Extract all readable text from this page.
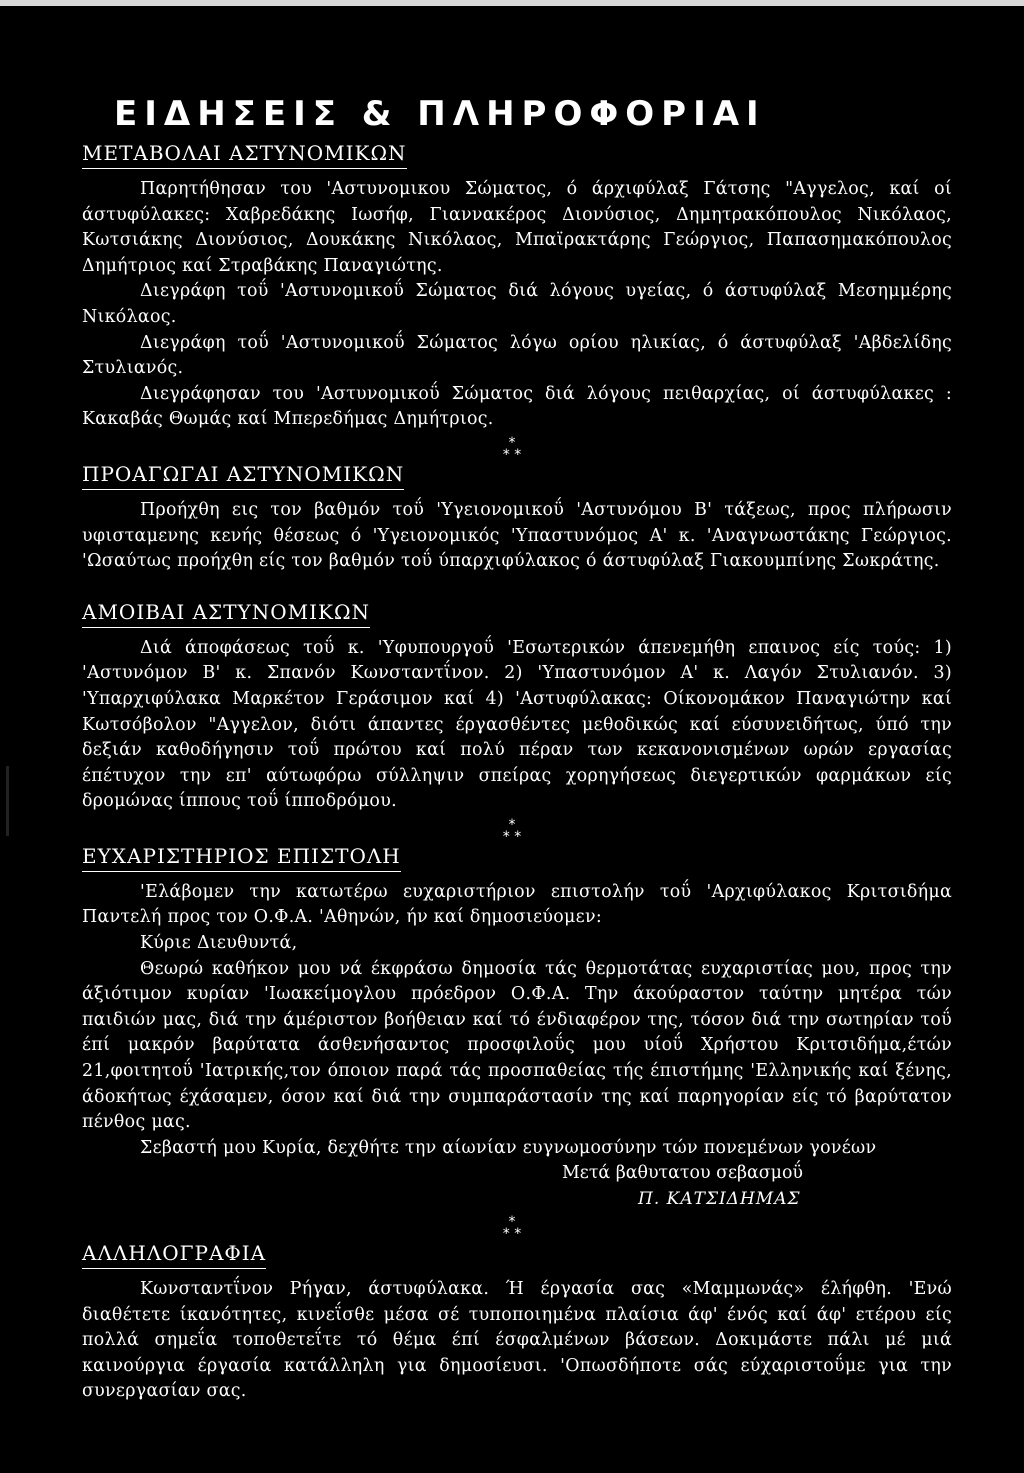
ΕΙΔΗΣΕΙΣ & ΠΛΗΡΟΦΟΡΙΑΙ
ΜΕΤΑΒΟΛΑΙ ΑΣΤΥΝΟΜΙΚΩΝ

Παρητήθησαν του 'Αστυνομικου Σώματος, ό άρχιφύλαξ Γάτσης "Αγγελος, καί οί άστυφύλακες: Χαβρεδάκης Ιωσήφ, Γιαννακέρος Διονύσιος, Δημητρακόπουλος Νικόλαος, Κωτσιάκης Διονύσιος, Δουκάκης Νικόλαος, Μπαϊρακτάρης Γεώργιος, Παπασημακόπουλος Δημήτριος καί Στραβάκης Παναγιώτης.

Διεγράφη τοΰ 'Αστυνομικοΰ Σώματος διά λόγους υγείας, ό άστυφύλαξ Μεσημμέρης Νικόλαος.

Διεγράφη τοΰ 'Αστυνομικοΰ Σώματος λόγω ορίου ηλικίας, ό άστυφύλαξ 'Αβδελίδης Στυλιανός.

Διεγράφησαν του 'Αστυνομικοΰ Σώματος διά λόγους πειθαρχίας, οί άστυφύλακες : Κακαβάς Θωμάς καί Μπερεδήμας Δημήτριος.

*
* *
ΠΡΟΑΓΩΓΑΙ ΑΣΤΥΝΟΜΙΚΩΝ

Προήχθη εις τον βαθμόν τοΰ 'Υγειονομικοΰ 'Αστυνόμου Β' τάξεως, προς πλήρωσιν υφισταμενης κενής θέσεως ό 'Υγειονομικός 'Υπαστυνόμος Α' κ. 'Αναγνωστάκης Γεώργιος. 'Ωσαύτως προήχθη είς τον βαθμόν τοΰ ύπαρχιφύλακος ό άστυφύλαξ Γιακουμπίνης Σωκράτης.

ΑΜΟΙΒΑΙ ΑΣΤΥΝΟΜΙΚΩΝ

Διά άποφάσεως τοΰ κ. 'Υφυπουργοΰ 'Εσωτερικών άπενεμήθη επαινος είς τούς: 1) 'Αστυνόμον Β' κ. Σπανόν Κωνσταντΐνον. 2) 'Υπαστυνόμον Α' κ. Λαγόν Στυλιανόν. 3) 'Υπαρχιφύλακα Μαρκέτον Γεράσιμον καί 4) 'Αστυφύλακας: Οίκονομάκον Παναγιώτην καί Κωτσόβολον "Αγγελον, διότι άπαντες έργασθέντες μεθοδικώς καί εύσυνειδήτως, ύπό την δεξιάν καθοδήγησιν τοΰ πρώτου καί πολύ πέραν των κεκανονισμένων ωρών εργασίας έπέτυχον την επ' αύτωφόρω σύλληψιν σπείρας χορηγήσεως διεγερτικών φαρμάκων είς δρομώνας ίππους τοΰ ίπποδρόμου.

*
* *
ΕΥΧΑΡΙΣΤΗΡΙΟΣ ΕΠΙΣΤΟΛΗ

'Ελάβομεν την κατωτέρω ευχαριστήριον επιστολήν τοΰ 'Αρχιφύλακος Κριτσιδήμα Παντελή προς τον Ο.Φ.Α. 'Αθηνών, ήν καί δημοσιεύομεν:

Κύριε Διευθυντά,

Θεωρώ καθήκον μου νά έκφράσω δημοσία τάς θερμοτάτας ευχαριστίας μου, προς την άξιότιμον κυρίαν 'Ιωακείμογλου πρόεδρον Ο.Φ.Α. Την άκούραστον ταύτην μητέρα τών παιδιών μας, διά την άμέριστον βοήθειαν καί τό ένδιαφέρον της, τόσον διά την σωτηρίαν τοΰ έπί μακρόν βαρύτατα άσθενήσαντος προσφιλοΰς μου υίοΰ Χρήστου Κριτσιδήμα,έτών 21,φοιτητοΰ 'Ιατρικής,τον όποιον παρά τάς προσπαθείας τής έπιστήμης 'Ελληνικής καί ξένης, άδοκήτως έχάσαμεν, όσον καί διά την συμπαράστασίν της καί παρηγορίαν είς τό βαρύτατον πένθος μας.

Σεβαστή μου Κυρία, δεχθήτε την αίωνίαν ευγνωμοσύνην τών πονεμένων γονέων

Μετά βαθυτατου σεβασμοΰ

Π. ΚΑΤΣΙΔΗΜΑΣ

*
* *
ΑΛΛΗΛΟΓΡΑΦΙΑ

Κωνσταντΐνον Ρήγαν, άστυφύλακα. Ή έργασία σας «Μαμμωνάς» έλήφθη. 'Ενώ διαθέτετε ίκανότητες, κινεΐσθε μέσα σέ τυποποιημένα πλαίσια άφ' ένός καί άφ' ετέρου είς πολλά σημεΐα τοποθετεΐτε τό θέμα έπί έσφαλμένων βάσεων. Δοκιμάστε πάλι μέ μιά καινούργια έργασία κατάλληλη για δημοσίευσι. 'Οπωσδήποτε σάς εύχαριστοΰμε για την συνεργασίαν σας.
